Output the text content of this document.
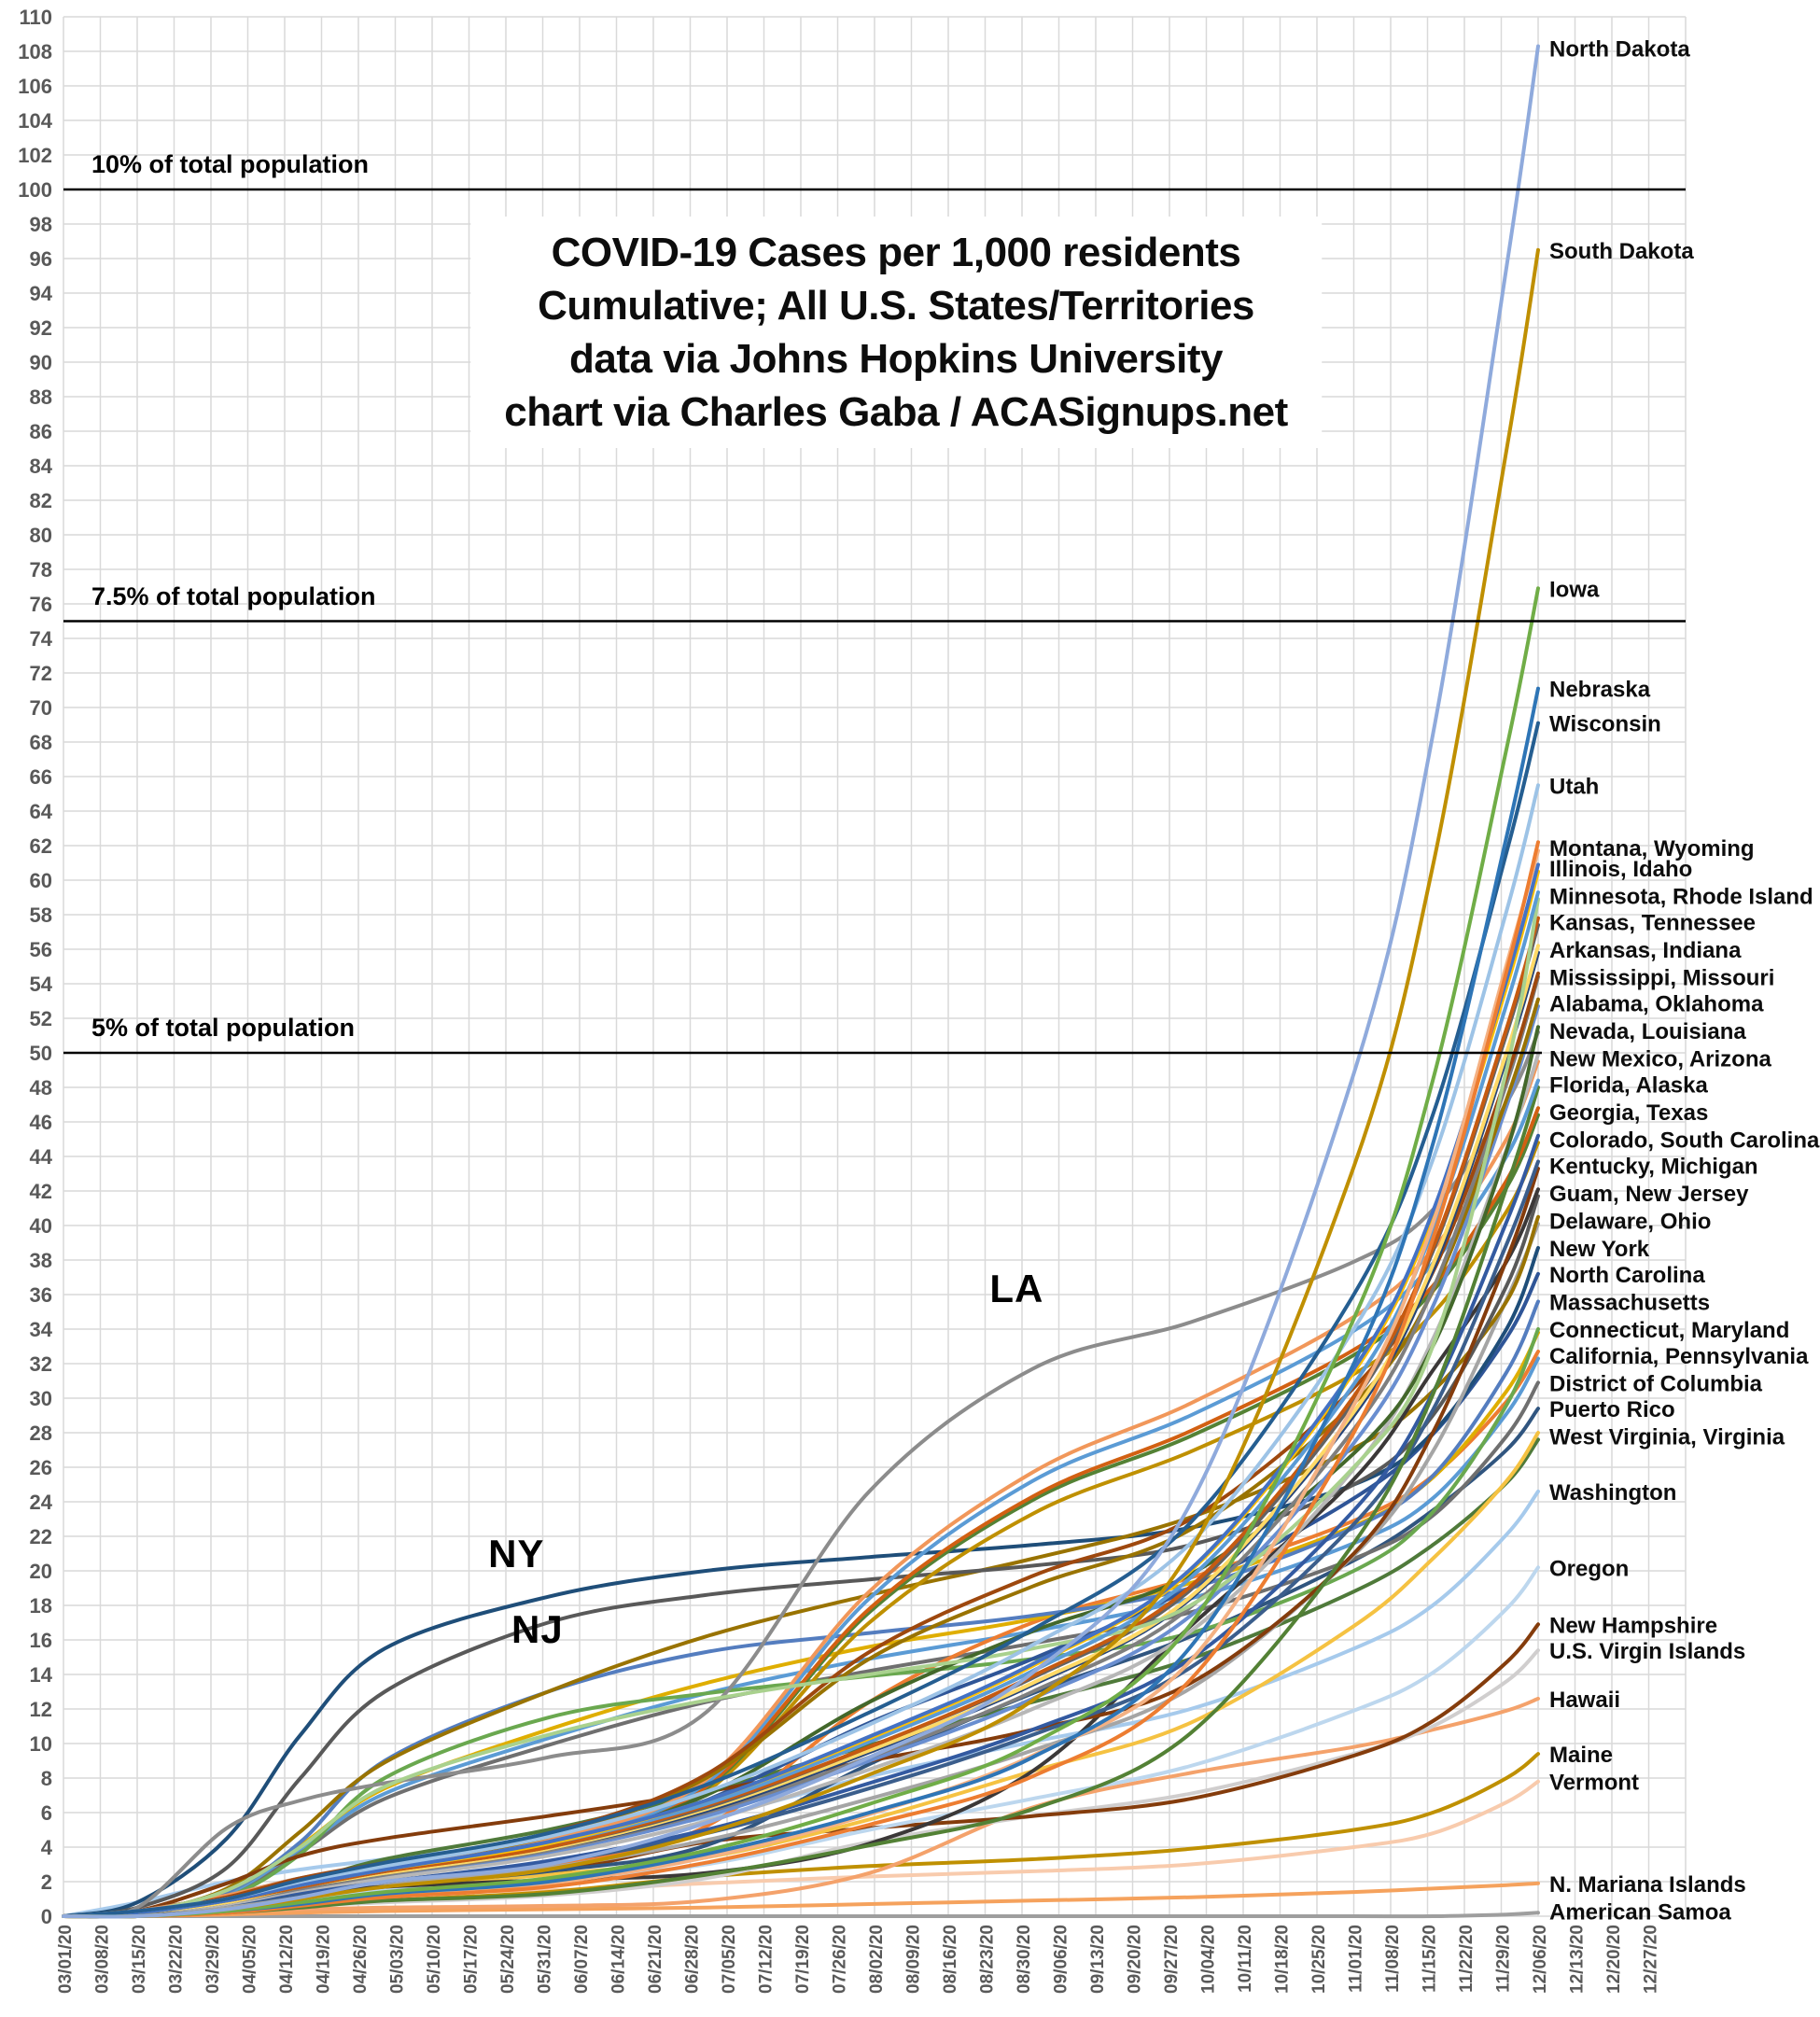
0
2
4
6
8
10
12
14
16
18
20
22
24
26
28
30
32
34
36
38
40
42
44
46
48
50
52
54
56
58
60
62
64
66
68
70
72
74
76
78
80
82
84
86
88
90
92
94
96
98
100
102
104
106
108
110
03/01/20 03/08/20 03/15/20 03/22/20 03/29/20 04/05/20 04/12/20 04/19/20 04/26/20 05/03/20 05/10/20 05/17/20 05/24/20 05/31/20 06/07/20 06/14/20 06/21/20 06/28/20 07/05/20 07/12/20 07/19/20 07/26/20 08/02/20 08/09/20 08/16/20 08/23/20 08/30/20 09/06/20 09/13/20 09/20/20 09/27/20 10/04/20 10/11/20 10/18/20 10/25/20 11/01/20 11/08/20 11/15/20 11/22/20 11/29/20 12/06/20 12/13/20 12/20/20 12/27/20
North Dakota
South Dakota
Iowa
Nebraska
Wisconsin
Utah
Montana, Wyoming
Illinois, Idaho
Minnesota, Rhode Island
Kansas, Tennessee
Arkansas, Indiana
Mississippi, Missouri
Alabama, Oklahoma
Nevada, Louisiana
New Mexico, Arizona
Florida, Alaska
Georgia, Texas
Colorado, South Carolina
Kentucky, Michigan
Guam, New Jersey
Delaware, Ohio
New York
North Carolina
Massachusetts
Connecticut, Maryland
California, Pennsylvania
District of Columbia
Puerto Rico
West Virginia, Virginia
Washington
Oregon
New Hampshire
U.S. Virgin Islands
Hawaii
Maine
Vermont
N. Mariana Islands
American Samoa
COVID-19 Cases per 1,000 residents
Cumulative; All U.S. States/Territories
data via Johns Hopkins University
chart via Charles Gaba / ACASignups.net
10% of total population
7.5% of total population
5% of total population
LA
NY
NJ
